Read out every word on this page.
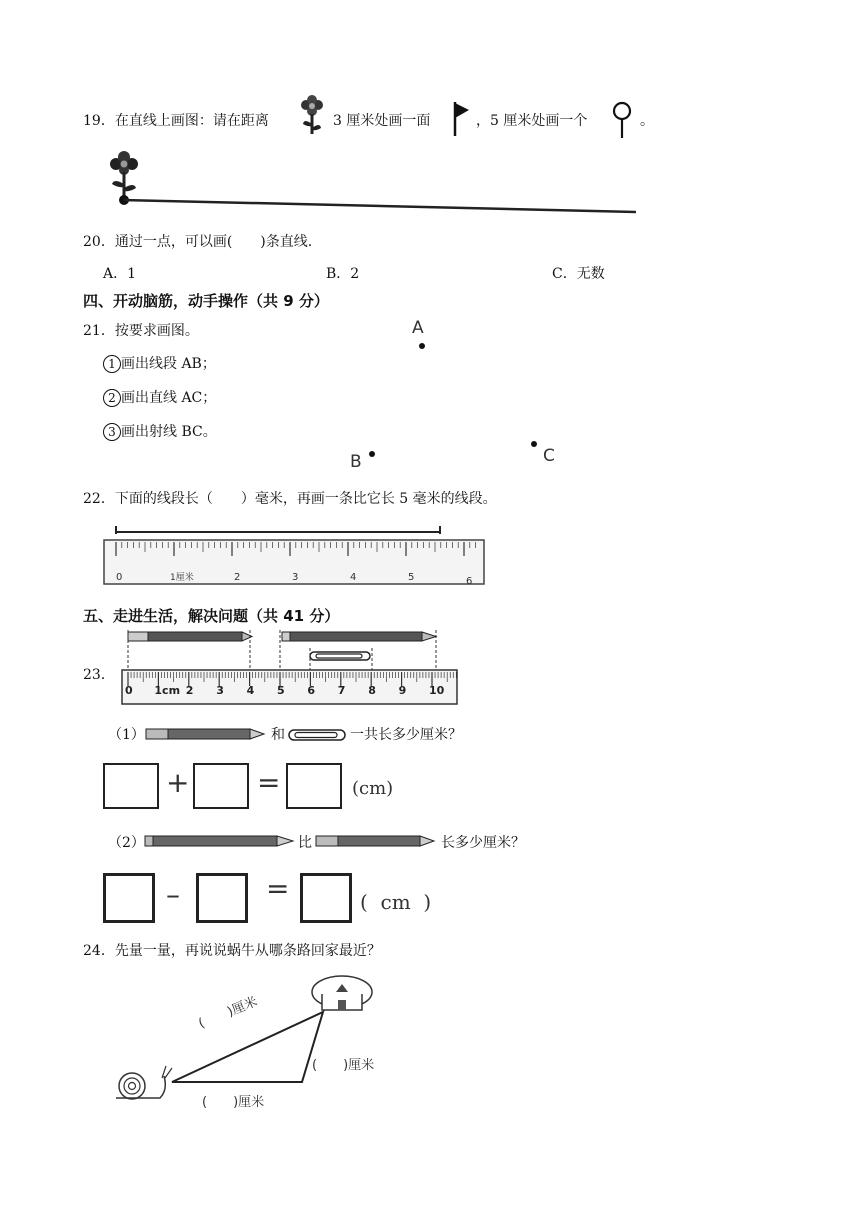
19．在直线上画图：请在距离	3 厘米处画一面	，5 厘米处画一个	。
20．通过一点，可以画(　　)条直线.
A．1	B．2	C．无数
四、开动脑筋，动手操作（共 9 分）
21．按要求画图。
1 画出线段 AB；
2 画出直线 AC；
3 画出射线 BC。
A
B	C
22．下面的线段长（　　）毫米，再画一条比它长 5 毫米的线段。
0	1厘米	2	3	4	5	6
五、走进生活，解决问题（共 41 分）
23．
0 1cm 2 3 4 5 6 7 8 9 10
（1）	和	一共长多少厘米？
+ =	(cm)
（2）	比	长多少厘米？
–	=	(  cm  )
24．先量一量，再说说蜗牛从哪条路回家最近？
(　　)厘米
(　　)厘米
(　　)厘米
